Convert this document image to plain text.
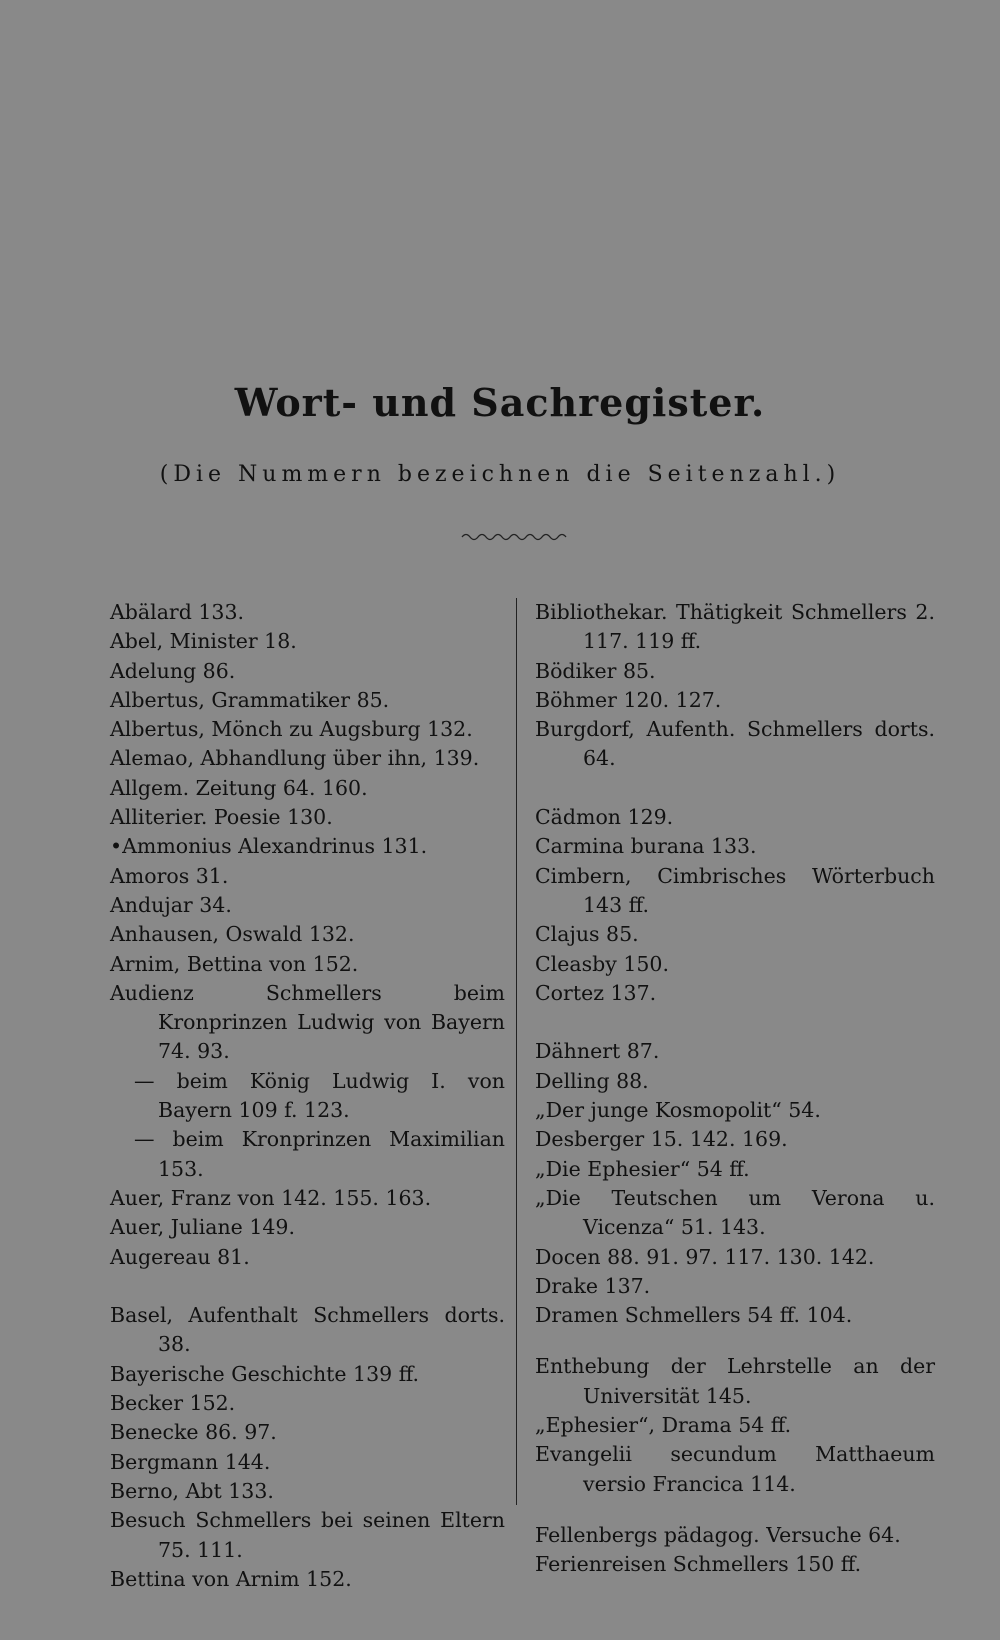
Wort- und Sachregister.
(Die Nummern bezeichnen die Seitenzahl.)
Abälard 133.
Abel, Minister 18.
Adelung 86.
Albertus, Grammatiker 85.
Albertus, Mönch zu Augsburg 132.
Alemao, Abhandlung über ihn, 139.
Allgem. Zeitung 64. 160.
Alliterier. Poesie 130.
•Ammonius Alexandrinus 131.
Amoros 31.
Andujar 34.
Anhausen, Oswald 132.
Arnim, Bettina von 152.
Audienz Schmellers beim Kronprinzen Ludwig von Bayern 74. 93.
— beim König Ludwig I. von Bayern 109 f. 123.
— beim Kronprinzen Maximilian 153.
Auer, Franz von 142. 155. 163.
Auer, Juliane 149.
Augereau 81.
Basel, Aufenthalt Schmellers dorts. 38.
Bayerische Geschichte 139 ff.
Becker 152.
Benecke 86. 97.
Bergmann 144.
Berno, Abt 133.
Besuch Schmellers bei seinen Eltern 75. 111.
Bettina von Arnim 152.
Bibliothekar. Thätigkeit Schmellers 2. 117. 119 ff.
Bödiker 85.
Böhmer 120. 127.
Burgdorf, Aufenth. Schmellers dorts. 64.
Cädmon 129.
Carmina burana 133.
Cimbern, Cimbrisches Wörterbuch 143 ff.
Clajus 85.
Cleasby 150.
Cortez 137.
Dähnert 87.
Delling 88.
„Der junge Kosmopolit“ 54.
Desberger 15. 142. 169.
„Die Ephesier“ 54 ff.
„Die Teutschen um Verona u. Vicenza“ 51. 143.
Docen 88. 91. 97. 117. 130. 142.
Drake 137.
Dramen Schmellers 54 ff. 104.
Enthebung der Lehrstelle an der Universität 145.
„Ephesier“, Drama 54 ff.
Evangelii secundum Matthaeum versio Francica 114.
Fellenbergs pädagog. Versuche 64.
Ferienreisen Schmellers 150 ff.
